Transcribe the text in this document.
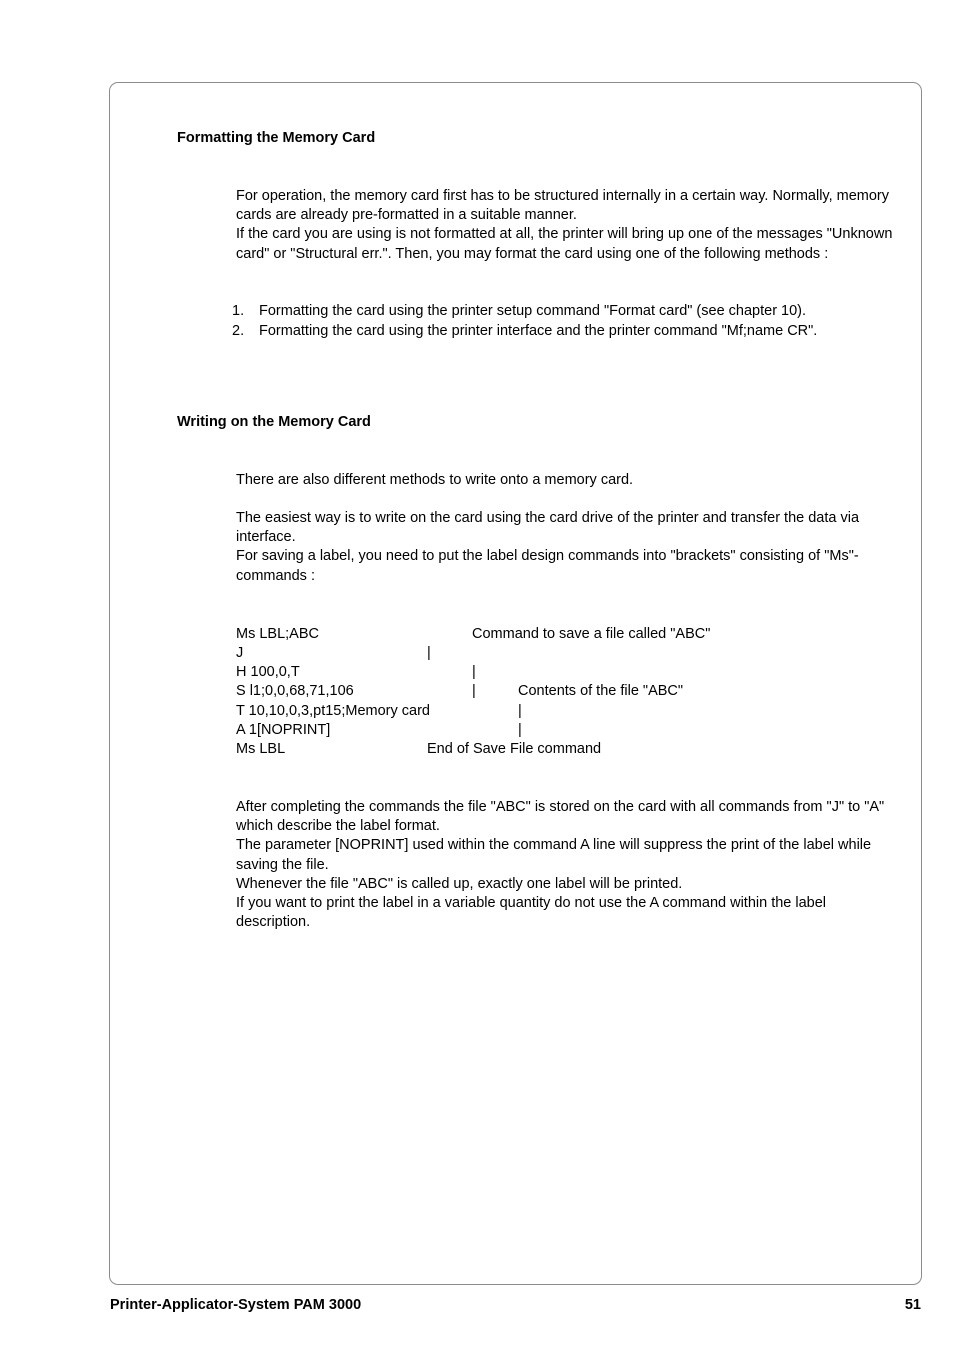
Formatting the Memory Card

For operation, the memory card first has to be structured internally in a certain way. Normally, memory cards are already pre-formatted in a suitable manner.
If the card you are using is not formatted at all, the printer will bring up one of the messages "Unknown card" or "Structural err.". Then, you may format the card using one of the following methods :

1. Formatting the card using the printer setup command "Format card" (see chapter 10).
2. Formatting the card using the printer interface and the printer command "Mf;name CR".
Writing on the Memory Card

There are also different methods to write onto a memory card.

The easiest way is to write on the card using the card drive of the printer and transfer the data via interface.
For saving a label, you need to put the label design commands into "brackets" consisting of "Ms"-commands :

Ms LBL;ABC	Command to save a file called "ABC"
J	|
H 100,0,T	|
S l1;0,0,68,71,106	|	Contents of the file "ABC"
T 10,10,0,3,pt15;Memory card	|
A 1[NOPRINT]	|
Ms LBL	End of Save File command

After completing the commands the file "ABC" is stored on the card with all commands from "J" to "A" which describe the label format.
The parameter [NOPRINT] used within the command A line will suppress the print of the label while saving the file.
Whenever the file "ABC" is called up, exactly one label will be printed.
If you want to print the label in a variable quantity do not use the A command within the label description.

Printer-Applicator-System PAM 3000	51
